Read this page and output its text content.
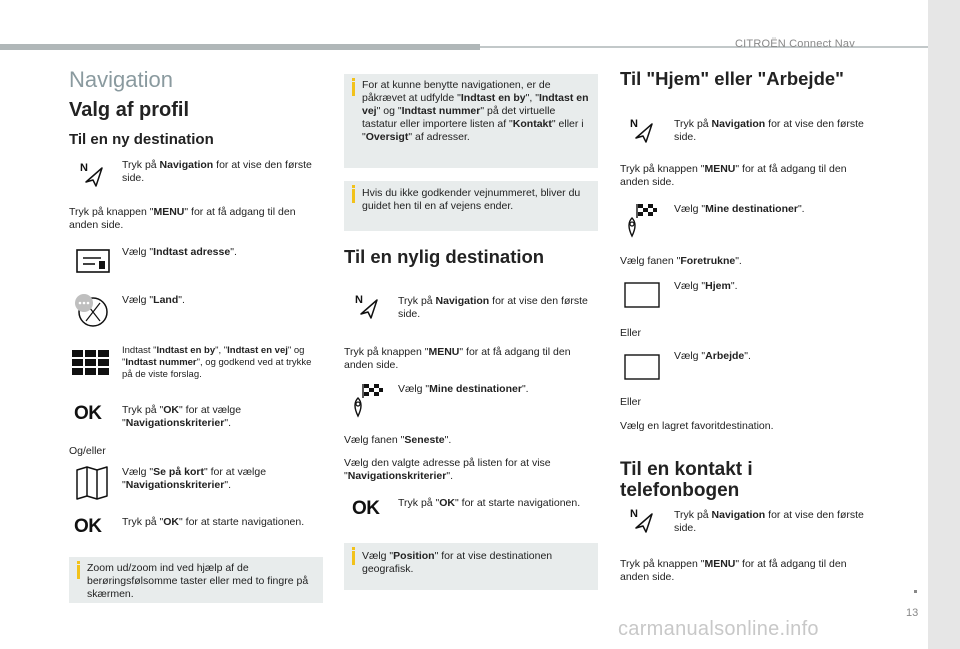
CITROËN Connect Nav
13
carmanualsonline.info
Navigation
Valg af profil
Til en ny destination
N	Tryk på Navigation for at vise den første side.
Tryk på knappen "MENU" for at få adgang til den anden side.
Vælg "Indtast adresse".
Vælg "Land".
Indtast "Indtast en by", "Indtast en vej" og "Indtast nummer", og godkend ved at trykke på de viste forslag.
OK Tryk på "OK" for at vælge "Navigationskriterier".
Og/eller
Vælg "Se på kort" for at vælge "Navigationskriterier".
OK Tryk på "OK" for at starte navigationen.
Zoom ud/zoom ind ved hjælp af de berøringsfølsomme taster eller med to fingre på skærmen.
For at kunne benytte navigationen, er de påkrævet at udfylde "Indtast en by", "Indtast en vej" og "Indtast nummer" på det virtuelle tastatur eller importere listen af "Kontakt" eller i "Oversigt" af adresser.
Hvis du ikke godkender vejnummeret, bliver du guidet hen til en af vejens ender.
Til en nylig destination
N	Tryk på Navigation for at vise den første side.
Tryk på knappen "MENU" for at få adgang til den anden side.
Vælg "Mine destinationer".
Vælg fanen "Seneste".
Vælg den valgte adresse på listen for at vise "Navigationskriterier".
OK Tryk på "OK" for at starte navigationen.
Vælg "Position" for at vise destinationen geografisk.
Til "Hjem" eller "Arbejde"
N	Tryk på Navigation for at vise den første side.
Tryk på knappen "MENU" for at få adgang til den anden side.
Vælg "Mine destinationer".
Vælg fanen "Foretrukne".
Vælg "Hjem".
Eller
Vælg "Arbejde".
Eller
Vælg en lagret favoritdestination.
Til en kontakt i
telefonbogen
N	Tryk på Navigation for at vise den første side.
Tryk på knappen "MENU" for at få adgang til den anden side.
